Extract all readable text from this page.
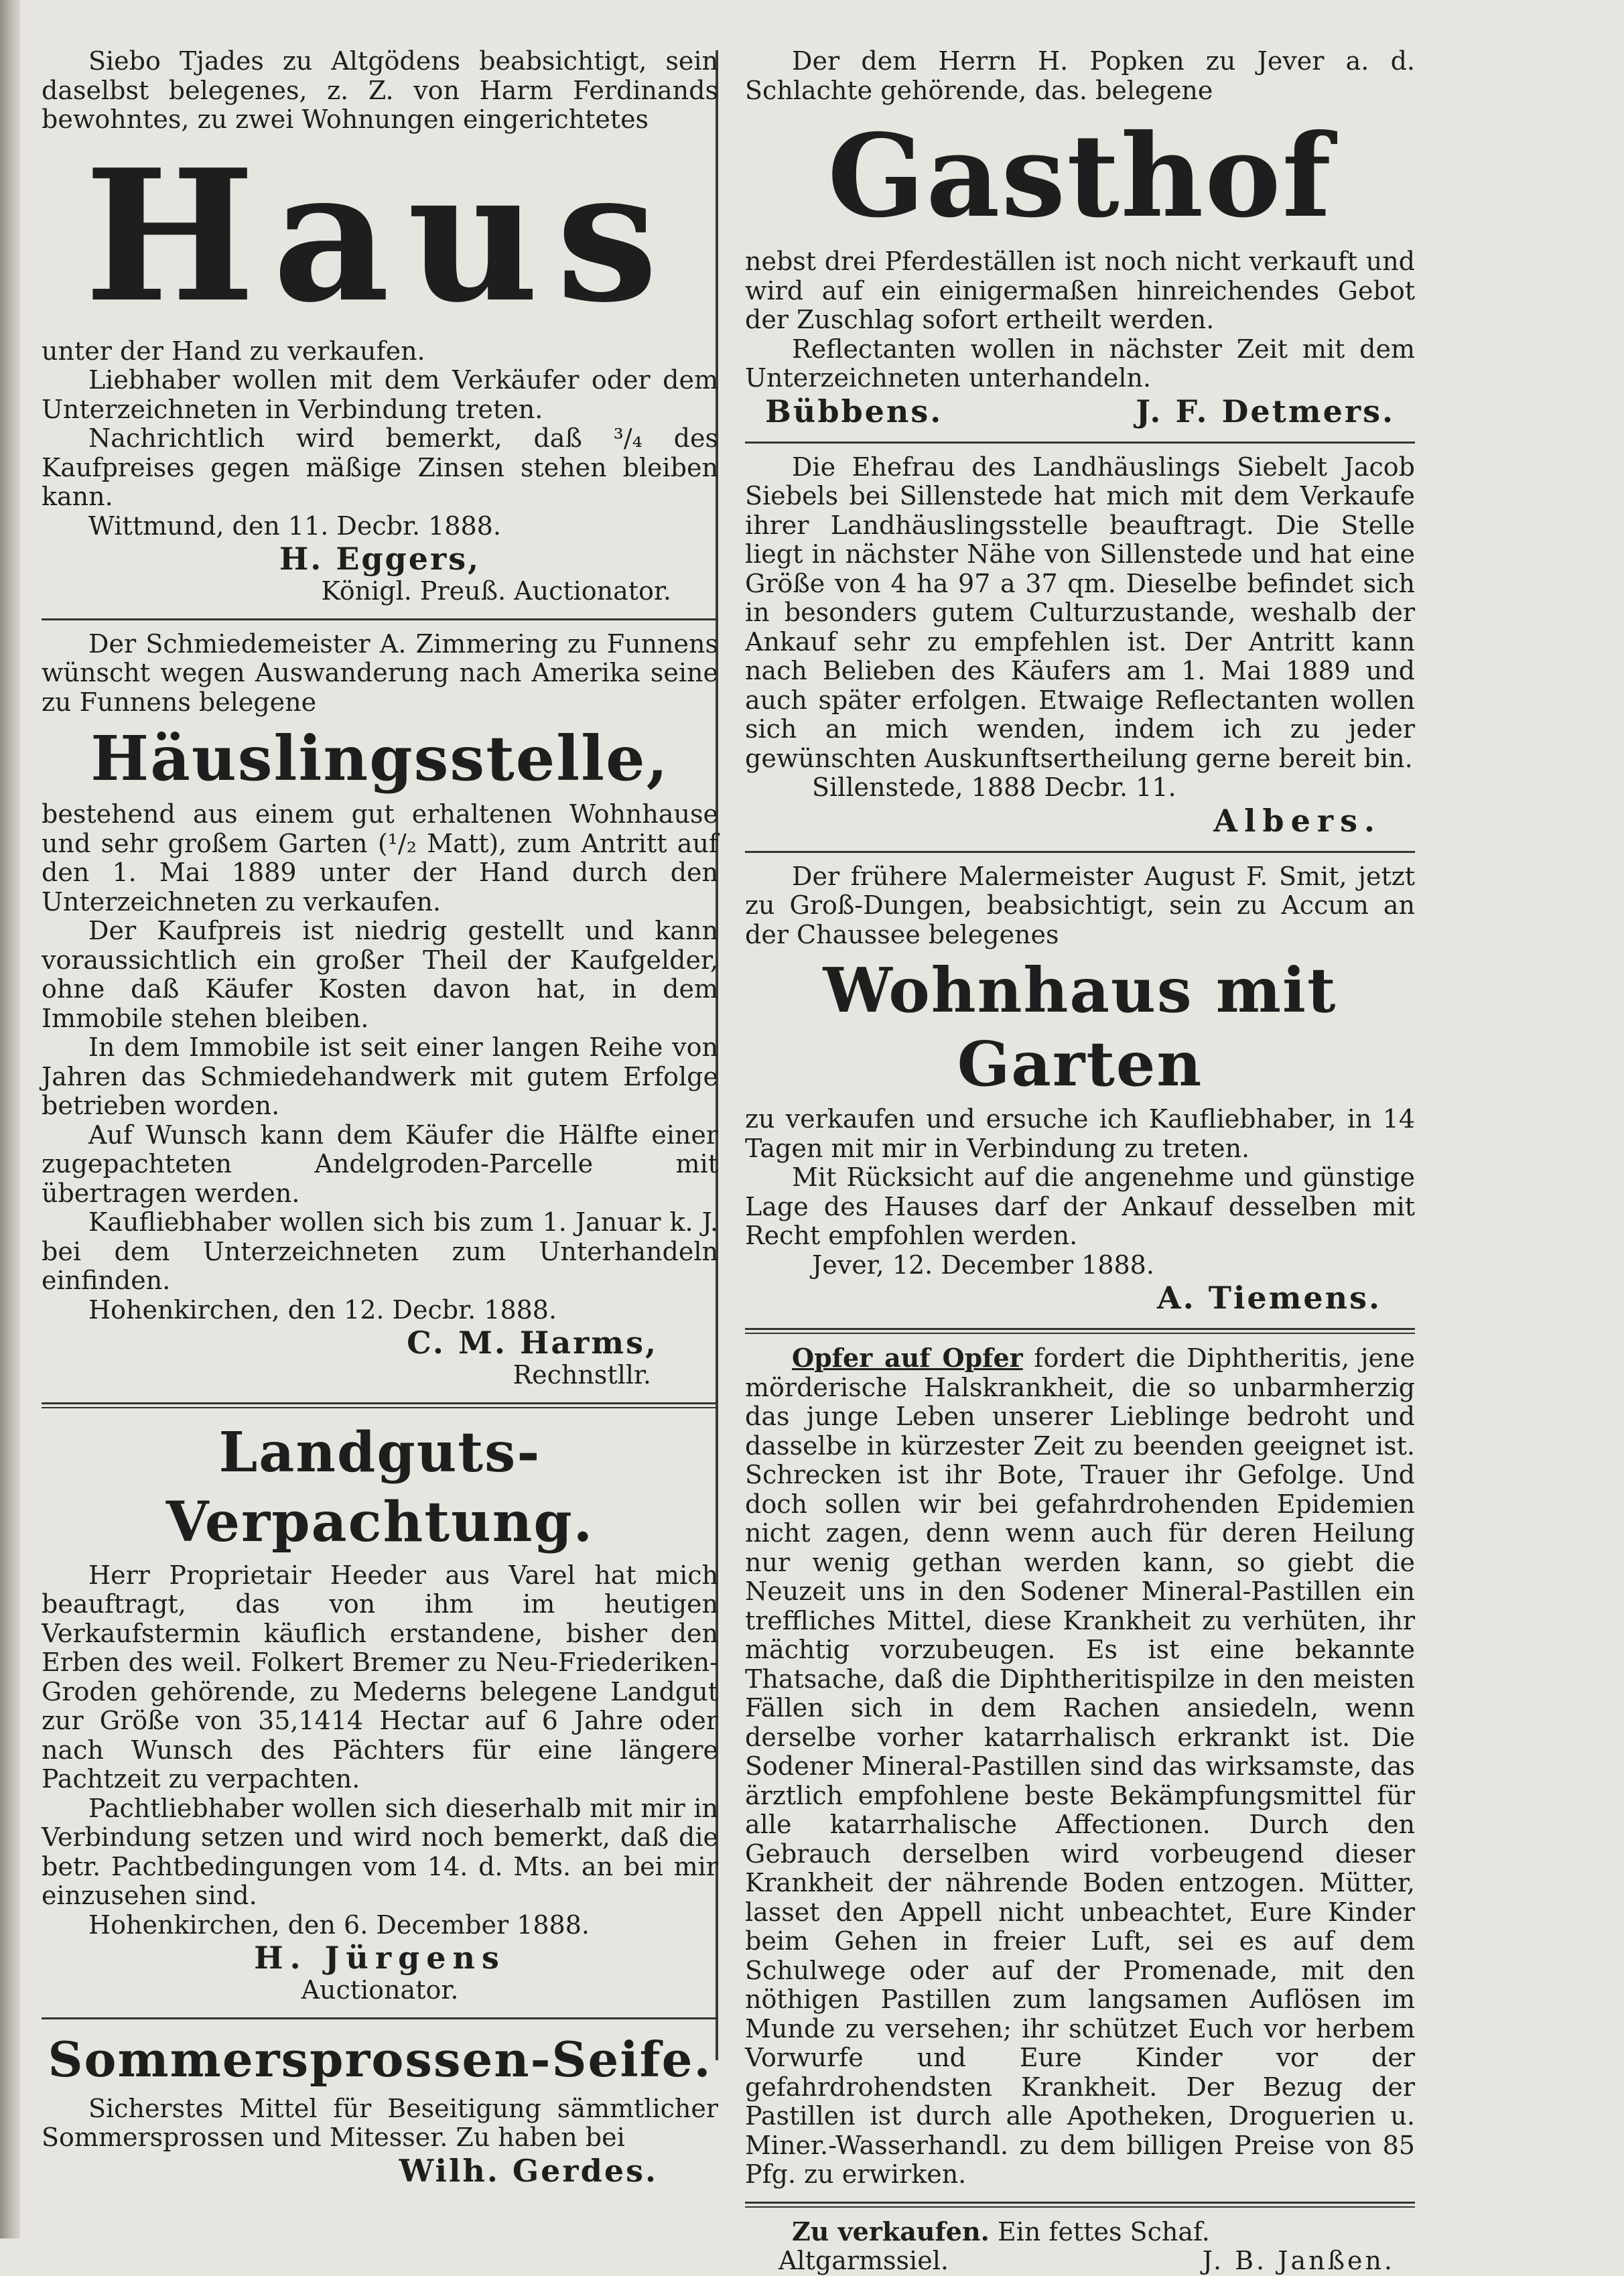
Siebo Tjades zu Altgödens beabsichtigt, sein daselbst belegenes, z. Z. von Harm Ferdinands bewohntes, zu zwei Wohnungen eingerichtetes

Haus

unter der Hand zu verkaufen.

Liebhaber wollen mit dem Verkäufer oder dem Unterzeichneten in Verbindung treten.

Nachrichtlich wird bemerkt, daß ³/₄ des Kaufpreises gegen mäßige Zinsen stehen bleiben kann.

Wittmund, den 11. Decbr. 1888.

H. Eggers,

Königl. Preuß. Auctionator.

Der Schmiedemeister A. Zimmering zu Funnens wünscht wegen Auswanderung nach Amerika seine zu Funnens belegene

Häuslingsstelle,

bestehend aus einem gut erhaltenen Wohnhause und sehr großem Garten (¹/₂ Matt), zum Antritt auf den 1. Mai 1889 unter der Hand durch den Unterzeichneten zu verkaufen.

Der Kaufpreis ist niedrig gestellt und kann voraussichtlich ein großer Theil der Kaufgelder, ohne daß Käufer Kosten davon hat, in dem Immobile stehen bleiben.

In dem Immobile ist seit einer langen Reihe von Jahren das Schmiedehandwerk mit gutem Erfolge betrieben worden.

Auf Wunsch kann dem Käufer die Hälfte einer zugepachteten Andelgroden-Parcelle mit übertragen werden.

Kaufliebhaber wollen sich bis zum 1. Januar k. J. bei dem Unterzeichneten zum Unterhandeln einfinden.

Hohenkirchen, den 12. Decbr. 1888.

C. M. Harms,

Rechnstllr.

Landguts-Verpachtung.

Herr Proprietair Heeder aus Varel hat mich beauftragt, das von ihm im heutigen Verkaufstermin käuflich erstandene, bisher den Erben des weil. Folkert Bremer zu Neu-Friederiken-Groden gehörende, zu Mederns belegene Landgut zur Größe von 35,1414 Hectar auf 6 Jahre oder nach Wunsch des Pächters für eine längere Pachtzeit zu verpachten.

Pachtliebhaber wollen sich dieserhalb mit mir in Verbindung setzen und wird noch bemerkt, daß die betr. Pachtbedingungen vom 14. d. Mts. an bei mir einzusehen sind.

Hohenkirchen, den 6. December 1888.

H. Jürgens

Auctionator.

Sommersprossen-Seife.

Sicherstes Mittel für Beseitigung sämmtlicher Sommersprossen und Mitesser. Zu haben bei

Wilh. Gerdes.

Der dem Herrn H. Popken zu Jever a. d. Schlachte gehörende, das. belegene

Gasthof

nebst drei Pferdeställen ist noch nicht verkauft und wird auf ein einigermaßen hinreichendes Gebot der Zuschlag sofort ertheilt werden.

Reflectanten wollen in nächster Zeit mit dem Unterzeichneten unterhandeln.

Bübbens.	J. F. Detmers.

Die Ehefrau des Landhäuslings Siebelt Jacob Siebels bei Sillenstede hat mich mit dem Verkaufe ihrer Landhäuslingsstelle beauftragt. Die Stelle liegt in nächster Nähe von Sillenstede und hat eine Größe von 4 ha 97 a 37 qm. Dieselbe befindet sich in besonders gutem Culturzustande, weshalb der Ankauf sehr zu empfehlen ist. Der Antritt kann nach Belieben des Käufers am 1. Mai 1889 und auch später erfolgen. Etwaige Reflectanten wollen sich an mich wenden, indem ich zu jeder gewünschten Auskunftsertheilung gerne bereit bin.

Sillenstede, 1888 Decbr. 11.

Albers.

Der frühere Malermeister August F. Smit, jetzt zu Groß-Dungen, beabsichtigt, sein zu Accum an der Chaussee belegenes

Wohnhaus mit Garten

zu verkaufen und ersuche ich Kaufliebhaber, in 14 Tagen mit mir in Verbindung zu treten.

Mit Rücksicht auf die angenehme und günstige Lage des Hauses darf der Ankauf desselben mit Recht empfohlen werden.

Jever, 12. December 1888.

A. Tiemens.

Opfer auf Opfer fordert die Diphtheritis, jene mörderische Halskrankheit, die so unbarmherzig das junge Leben unserer Lieblinge bedroht und dasselbe in kürzester Zeit zu beenden geeignet ist. Schrecken ist ihr Bote, Trauer ihr Gefolge. Und doch sollen wir bei gefahrdrohenden Epidemien nicht zagen, denn wenn auch für deren Heilung nur wenig gethan werden kann, so giebt die Neuzeit uns in den Sodener Mineral-Pastillen ein treffliches Mittel, diese Krankheit zu verhüten, ihr mächtig vorzubeugen. Es ist eine bekannte Thatsache, daß die Diphtheritispilze in den meisten Fällen sich in dem Rachen ansiedeln, wenn derselbe vorher katarrhalisch erkrankt ist. Die Sodener Mineral-Pastillen sind das wirksamste, das ärztlich empfohlene beste Bekämpfungsmittel für alle katarrhalische Affectionen. Durch den Gebrauch derselben wird vorbeugend dieser Krankheit der nährende Boden entzogen. Mütter, lasset den Appell nicht unbeachtet, Eure Kinder beim Gehen in freier Luft, sei es auf dem Schulwege oder auf der Promenade, mit den nöthigen Pastillen zum langsamen Auflösen im Munde zu versehen; ihr schützet Euch vor herbem Vorwurfe und Eure Kinder vor der gefahrdrohendsten Krankheit. Der Bezug der Pastillen ist durch alle Apotheken, Droguerien u. Miner.-Wasserhandl. zu dem billigen Preise von 85 Pfg. zu erwirken.

Zu verkaufen. Ein fettes Schaf.

Altgarmssiel.	J. B. Janßen.
